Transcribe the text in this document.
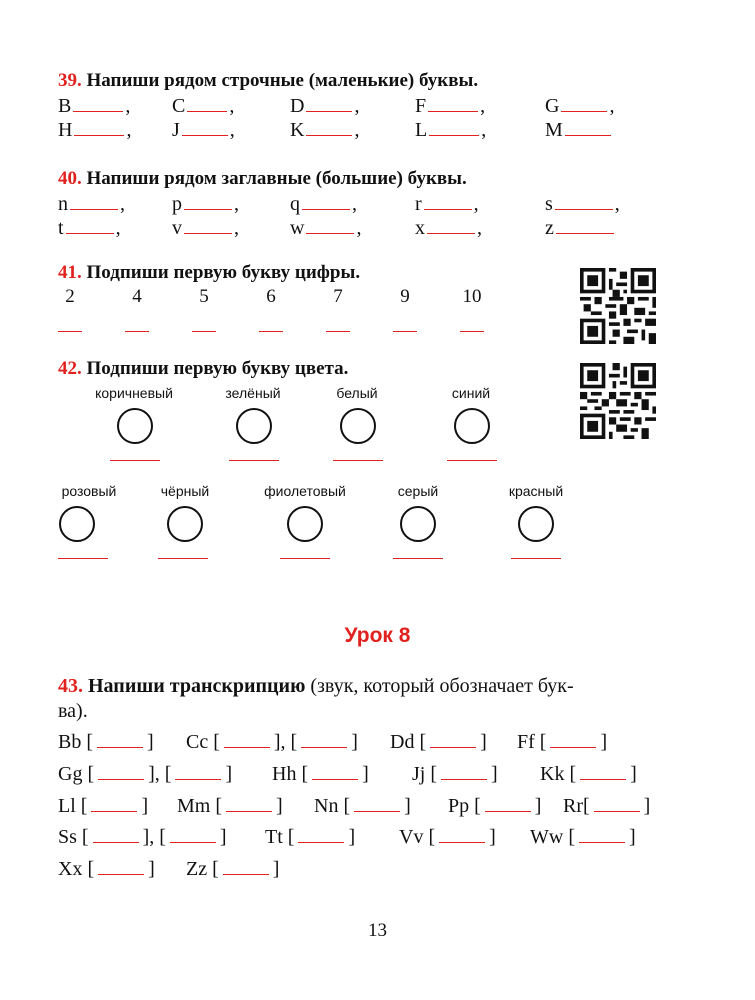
39. Напиши рядом строчные (маленькие) буквы.
B	, C ,	D	,	F	,	G	,
H	, J	,	K	,	L	,	M
40. Напиши рядом заглавные (большие) буквы.
n	, p	,	q	,	r	,	s	,
t	,	v	,	w	,	x	,	z
41. Подпиши первую букву цифры.
2	4	5	6	7	9	10
42. Подпиши первую букву цвета.
коричневый	зелёный	белый	синий
розовый	чёрный	фиолетовый	серый	красный
Урок 8
43. Напиши транскрипцию (звук, который обозначает бук-
ва).
Bb [	] Cc [	], [	] Dd [	] Ff [	]
Gg [	], [	] Hh [	] Jj [	] Kk [	]
Ll [	] Mm [	] Nn [	] Pp [	] Rr[	]
Ss [	], [	] Tt [	] Vv [	] Ww [	]
Xx [	] Zz [	]
13
